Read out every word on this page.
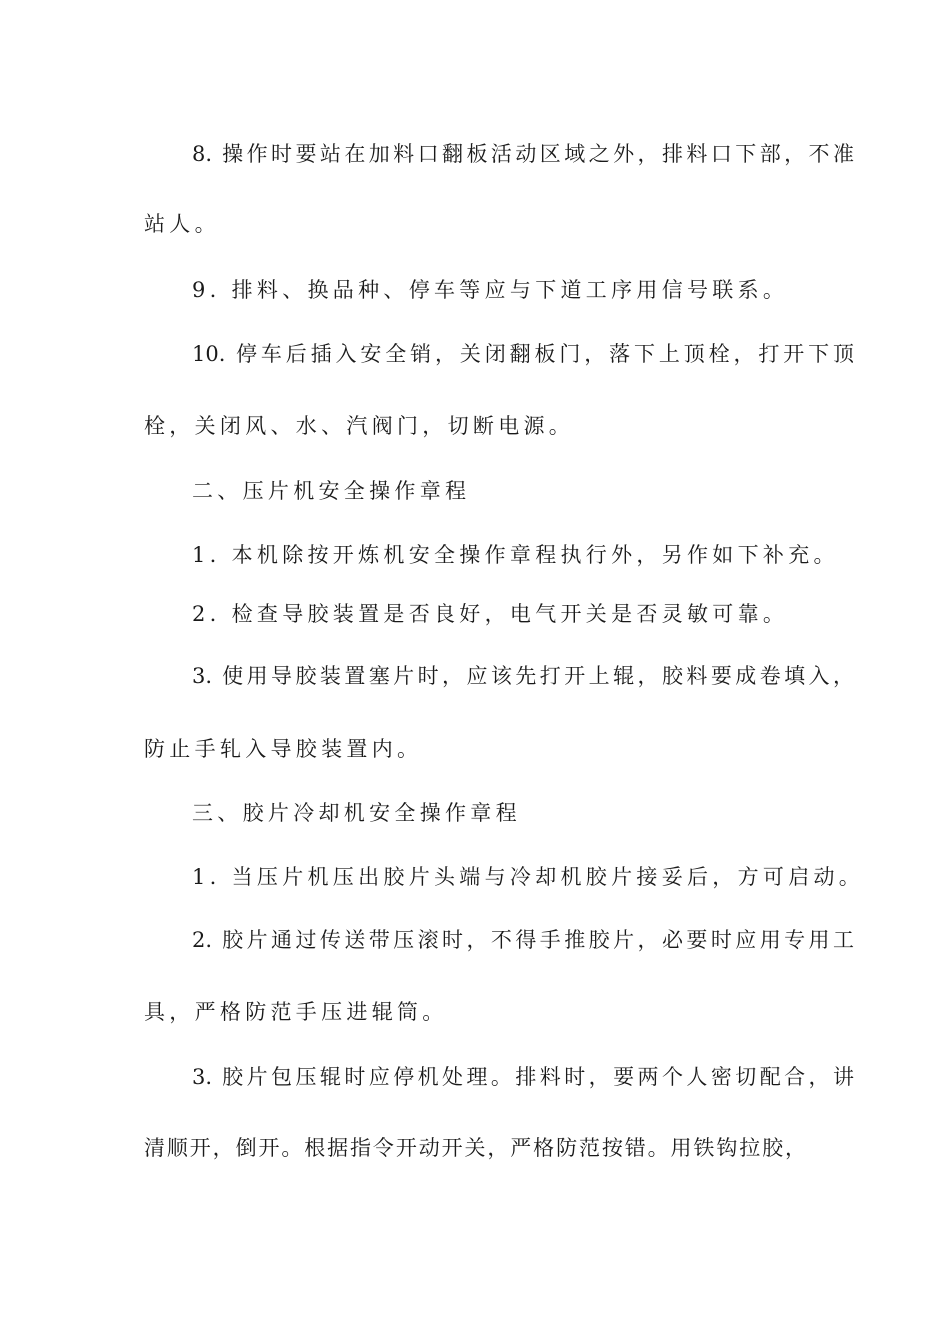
8. 操作时要站在加料口翻板活动区域之外，排料口下部，不准
站人。
9. 排料、换品种、停车等应与下道工序用信号联系。
10. 停车后插入安全销，关闭翻板门，落下上顶栓，打开下顶
栓，关闭风、水、汽阀门，切断电源。
二、压片机安全操作章程
1. 本机除按开炼机安全操作章程执行外，另作如下补充。
2. 检查导胶装置是否良好，电气开关是否灵敏可靠。
3. 使用导胶装置塞片时，应该先打开上辊，胶料要成卷填入，
防止手轧入导胶装置内。
三、胶片冷却机安全操作章程
1. 当压片机压出胶片头端与冷却机胶片接妥后，方可启动。
2. 胶片通过传送带压滚时，不得手推胶片，必要时应用专用工
具，严格防范手压进辊筒。
3. 胶片包压辊时应停机处理。排料时，要两个人密切配合，讲
清顺开，倒开。根据指令开动开关，严格防范按错。用铁钩拉胶，
